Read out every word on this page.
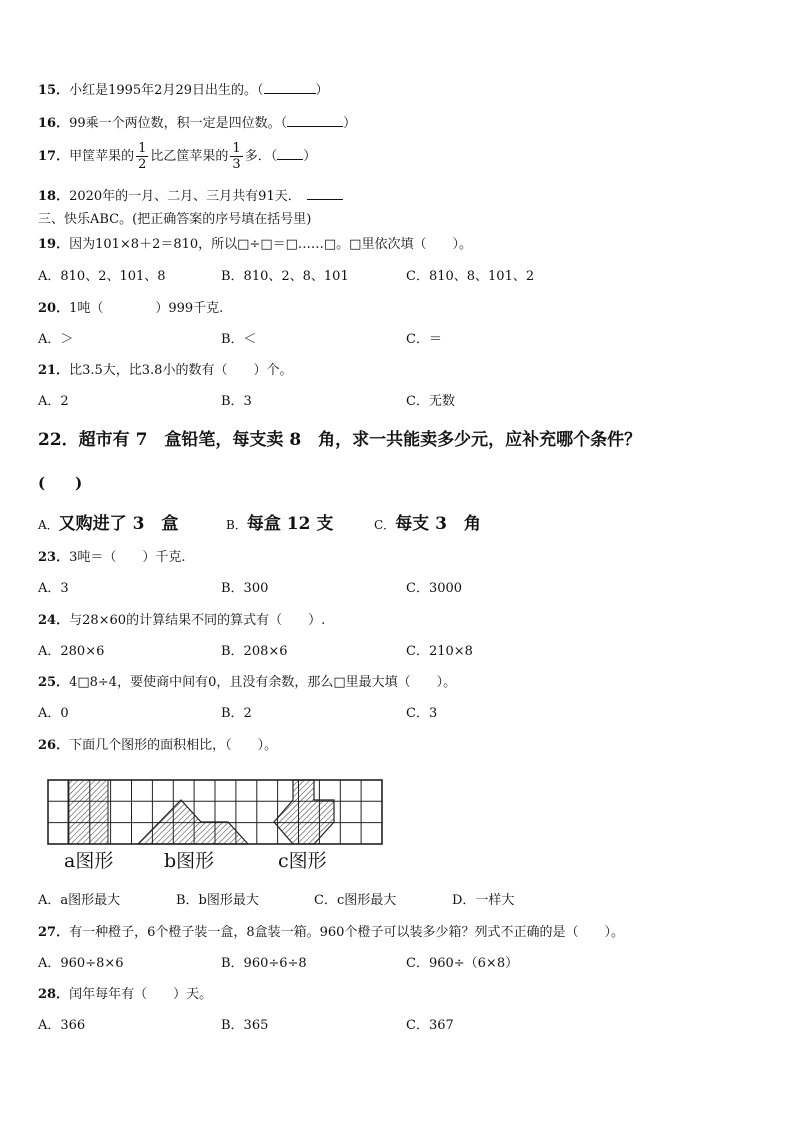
15．小红是1995年2月29日出生的。（	）
16．99乘一个两位数，积一定是四位数。（	）
17．甲筐苹果的 $\frac{1}{2}$ 比乙筐苹果的 $\frac{1}{3}$ 多．（ ）
18．2020年的一月、二月、三月共有91天．
三、快乐ABC。(把正确答案的序号填在括号里)
19．因为101×8＋2＝810，所以□÷□＝□……□。□里依次填（　　）。
A．810、2、101、8	B．810、2、8、101	C．810、8、101、2
20．1吨（　　　　）999千克.
A．＞	B．＜	C．＝
21．比3.5大，比3.8小的数有（　　）个。
A．2	B．3	C．无数
22．超市有 7　盒铅笔，每支卖 8　角，求一共能卖多少元，应补充哪个条件？
(　　)
A．又购进了 3　盒	B．每盒 12 支	C．每支 3　角
23．3吨＝（　　）千克.
A．3	B．300	C．3000
24．与28×60的计算结果不同的算式有（　　）.
A．280×6	B．208×6	C．210×8
25．4□8÷4，要使商中间有0，且没有余数，那么□里最大填（　　）。
A．0	B．2	C．3
26．下面几个图形的面积相比，（　　）。
a图形	b图形	c图形
A．a图形最大	B．b图形最大	C．c图形最大	D．一样大
27．有一种橙子，6个橙子装一盒，8盒装一箱。960个橙子可以装多少箱？列式不正确的是（　　）。
A．960÷8×6	B．960÷6÷8	C．960÷（6×8）
28．闰年每年有（　　）天。
A．366	B．365	C．367
